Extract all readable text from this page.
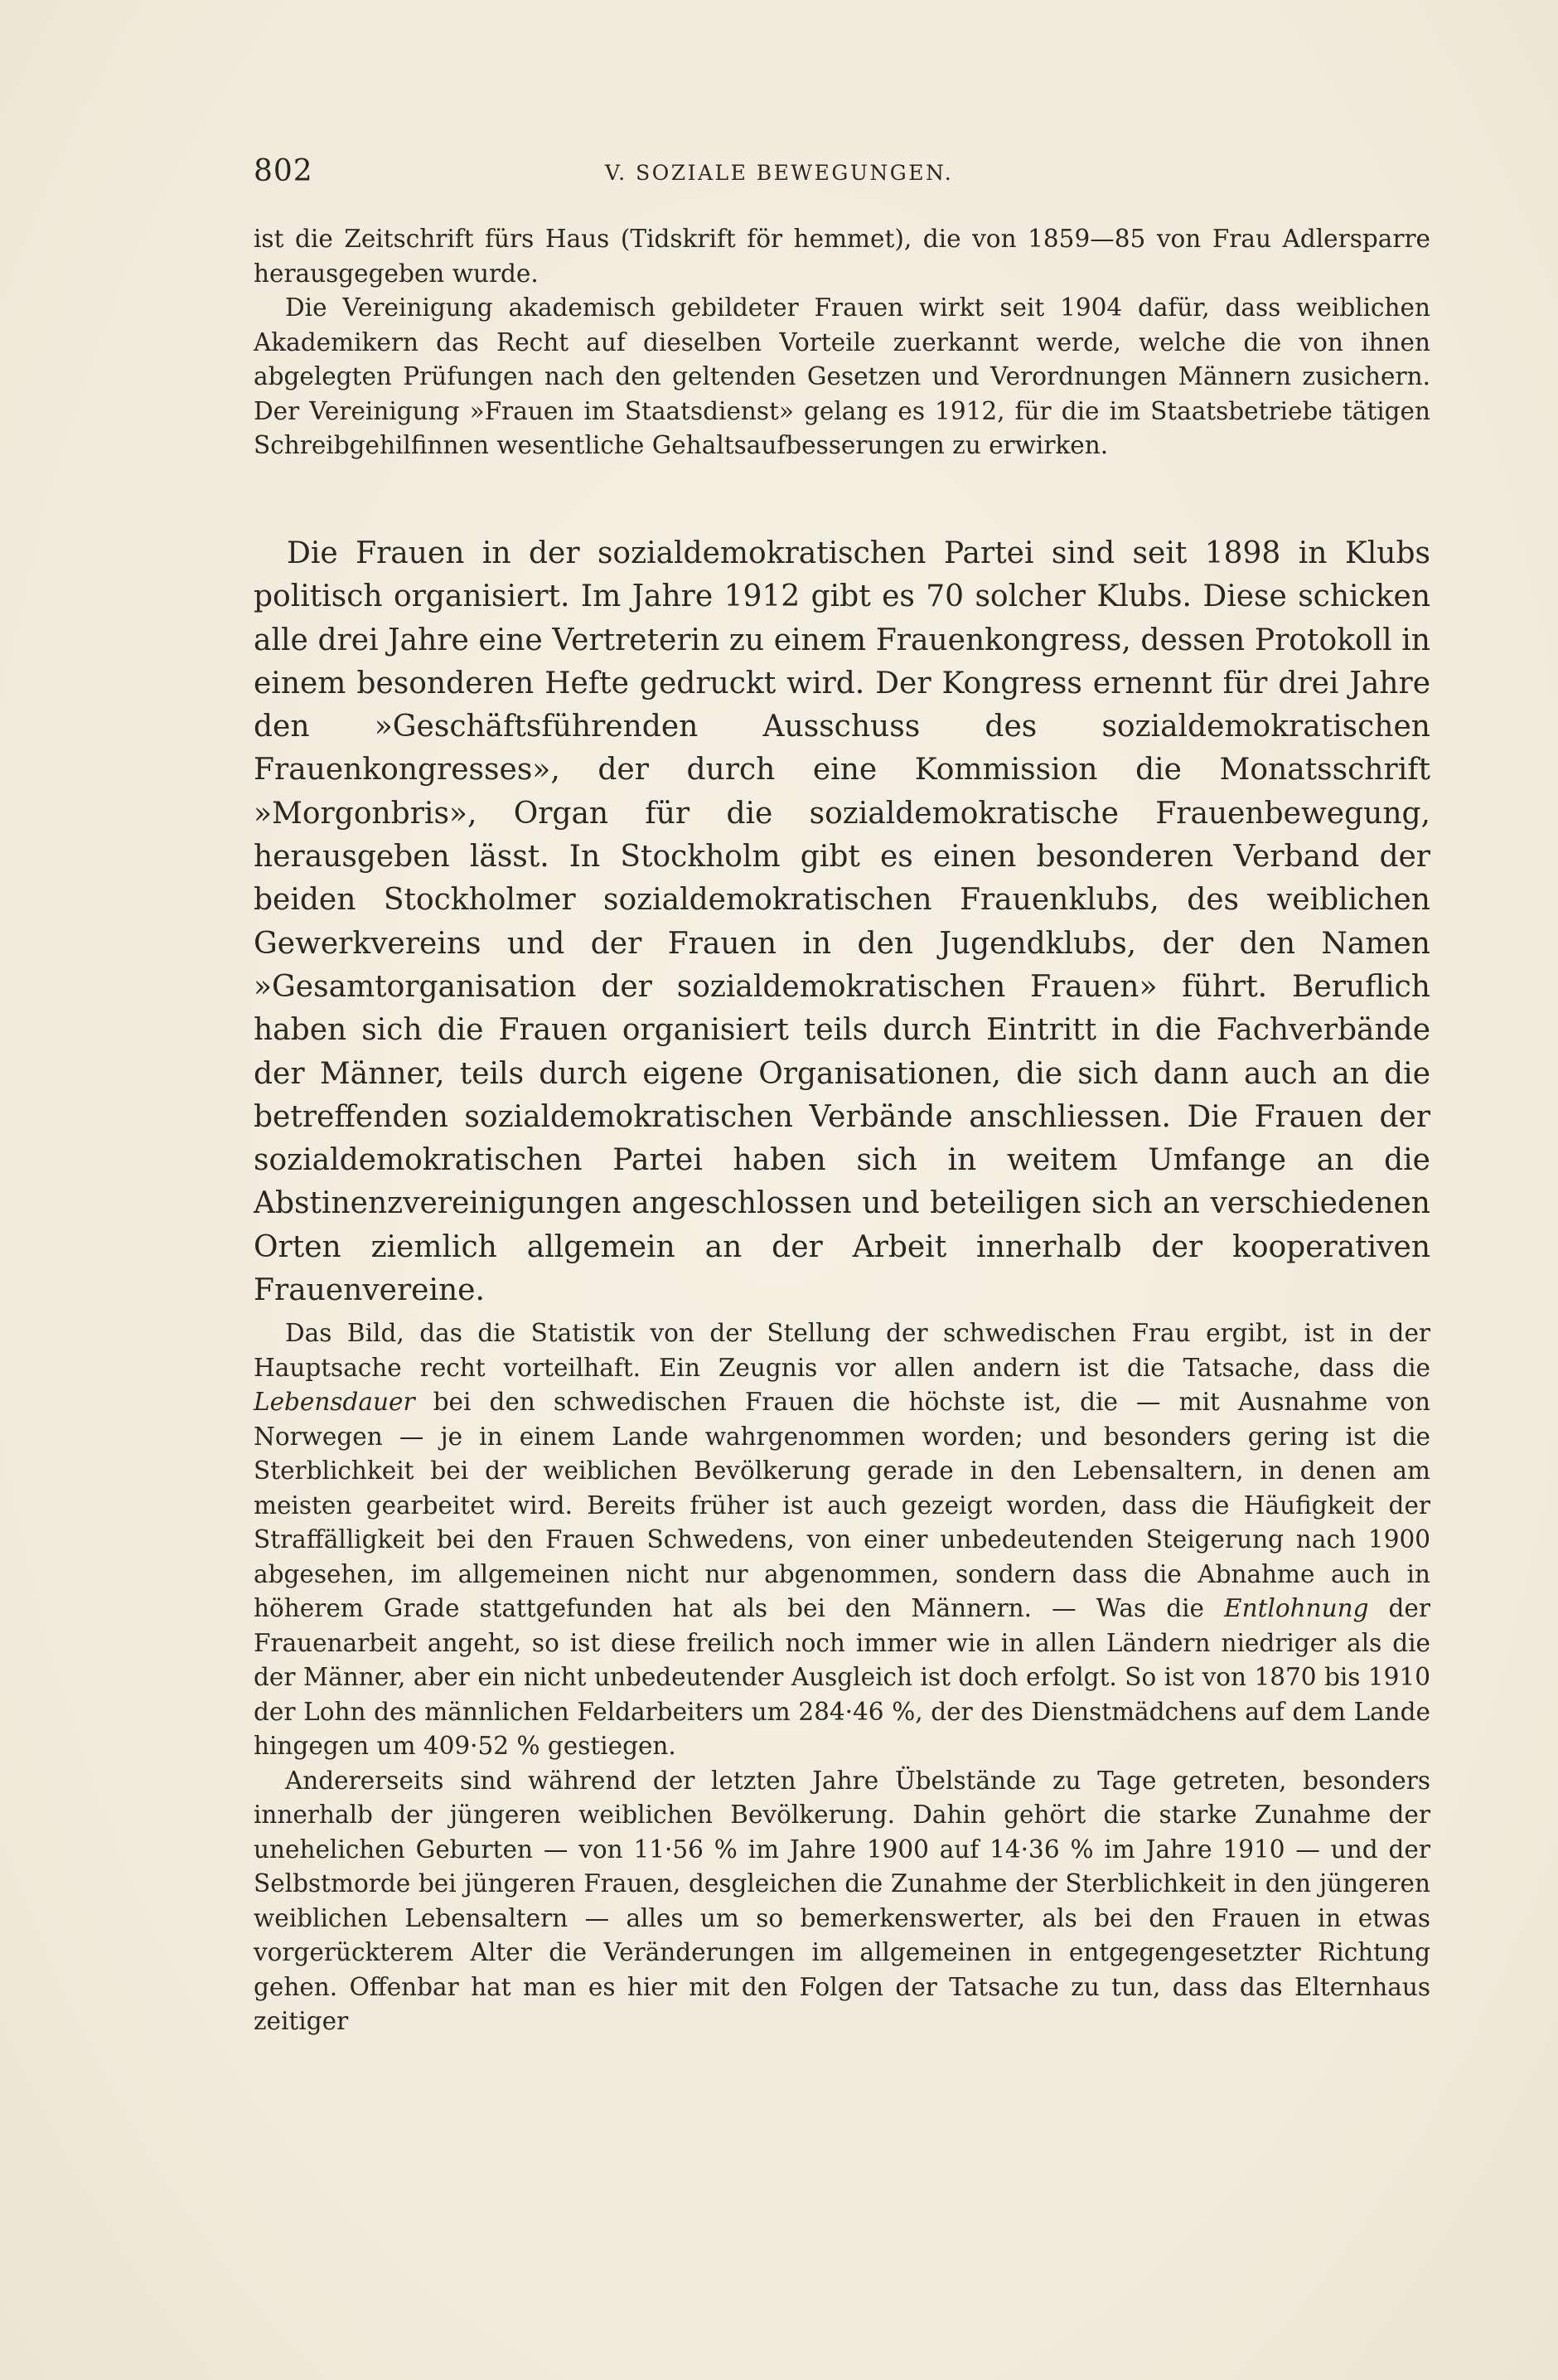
802	V. SOZIALE BEWEGUNGEN.

ist die Zeitschrift fürs Haus (Tidskrift för hemmet), die von 1859—85 von Frau Adlersparre herausgegeben wurde.

Die Vereinigung akademisch gebildeter Frauen wirkt seit 1904 dafür, dass weiblichen Akademikern das Recht auf dieselben Vorteile zuerkannt werde, welche die von ihnen abgelegten Prüfungen nach den geltenden Gesetzen und Verordnungen Männern zusichern. Der Vereinigung »Frauen im Staatsdienst» gelang es 1912, für die im Staatsbetriebe tätigen Schreibgehilfinnen wesentliche Gehaltsaufbesserungen zu erwirken.

Die Frauen in der sozialdemokratischen Partei sind seit 1898 in Klubs politisch organisiert. Im Jahre 1912 gibt es 70 solcher Klubs. Diese schicken alle drei Jahre eine Vertreterin zu einem Frauenkongress, dessen Protokoll in einem besonderen Hefte gedruckt wird. Der Kongress ernennt für drei Jahre den »Geschäftsführenden Ausschuss des sozialdemokratischen Frauenkongresses», der durch eine Kommission die Monatsschrift »Morgonbris», Organ für die sozialdemokratische Frauenbewegung, herausgeben lässt. In Stockholm gibt es einen besonderen Verband der beiden Stockholmer sozialdemokratischen Frauenklubs, des weiblichen Gewerkvereins und der Frauen in den Jugendklubs, der den Namen »Gesamtorganisation der sozialdemokratischen Frauen» führt. Beruflich haben sich die Frauen organisiert teils durch Eintritt in die Fachverbände der Männer, teils durch eigene Organisationen, die sich dann auch an die betreffenden sozialdemokratischen Verbände anschliessen. Die Frauen der sozialdemokratischen Partei haben sich in weitem Umfange an die Abstinenzvereinigungen angeschlossen und beteiligen sich an verschiedenen Orten ziemlich allgemein an der Arbeit innerhalb der kooperativen Frauenvereine.

Das Bild, das die Statistik von der Stellung der schwedischen Frau ergibt, ist in der Hauptsache recht vorteilhaft. Ein Zeugnis vor allen andern ist die Tatsache, dass die Lebensdauer bei den schwedischen Frauen die höchste ist, die — mit Ausnahme von Norwegen — je in einem Lande wahrgenommen worden; und besonders gering ist die Sterblichkeit bei der weiblichen Bevölkerung gerade in den Lebensaltern, in denen am meisten gearbeitet wird. Bereits früher ist auch gezeigt worden, dass die Häufigkeit der Straffälligkeit bei den Frauen Schwedens, von einer unbedeutenden Steigerung nach 1900 abgesehen, im allgemeinen nicht nur abgenommen, sondern dass die Abnahme auch in höherem Grade stattgefunden hat als bei den Männern. — Was die Entlohnung der Frauenarbeit angeht, so ist diese freilich noch immer wie in allen Ländern niedriger als die der Männer, aber ein nicht unbedeutender Ausgleich ist doch erfolgt. So ist von 1870 bis 1910 der Lohn des männlichen Feldarbeiters um 284·46 %, der des Dienstmädchens auf dem Lande hingegen um 409·52 % gestiegen.

Andererseits sind während der letzten Jahre Übelstände zu Tage getreten, besonders innerhalb der jüngeren weiblichen Bevölkerung. Dahin gehört die starke Zunahme der unehelichen Geburten — von 11·56 % im Jahre 1900 auf 14·36 % im Jahre 1910 — und der Selbstmorde bei jüngeren Frauen, desgleichen die Zunahme der Sterblichkeit in den jüngeren weiblichen Lebensaltern — alles um so bemerkenswerter, als bei den Frauen in etwas vorgerückterem Alter die Veränderungen im allgemeinen in entgegengesetzter Richtung gehen. Offenbar hat man es hier mit den Folgen der Tatsache zu tun, dass das Elternhaus zeitiger
